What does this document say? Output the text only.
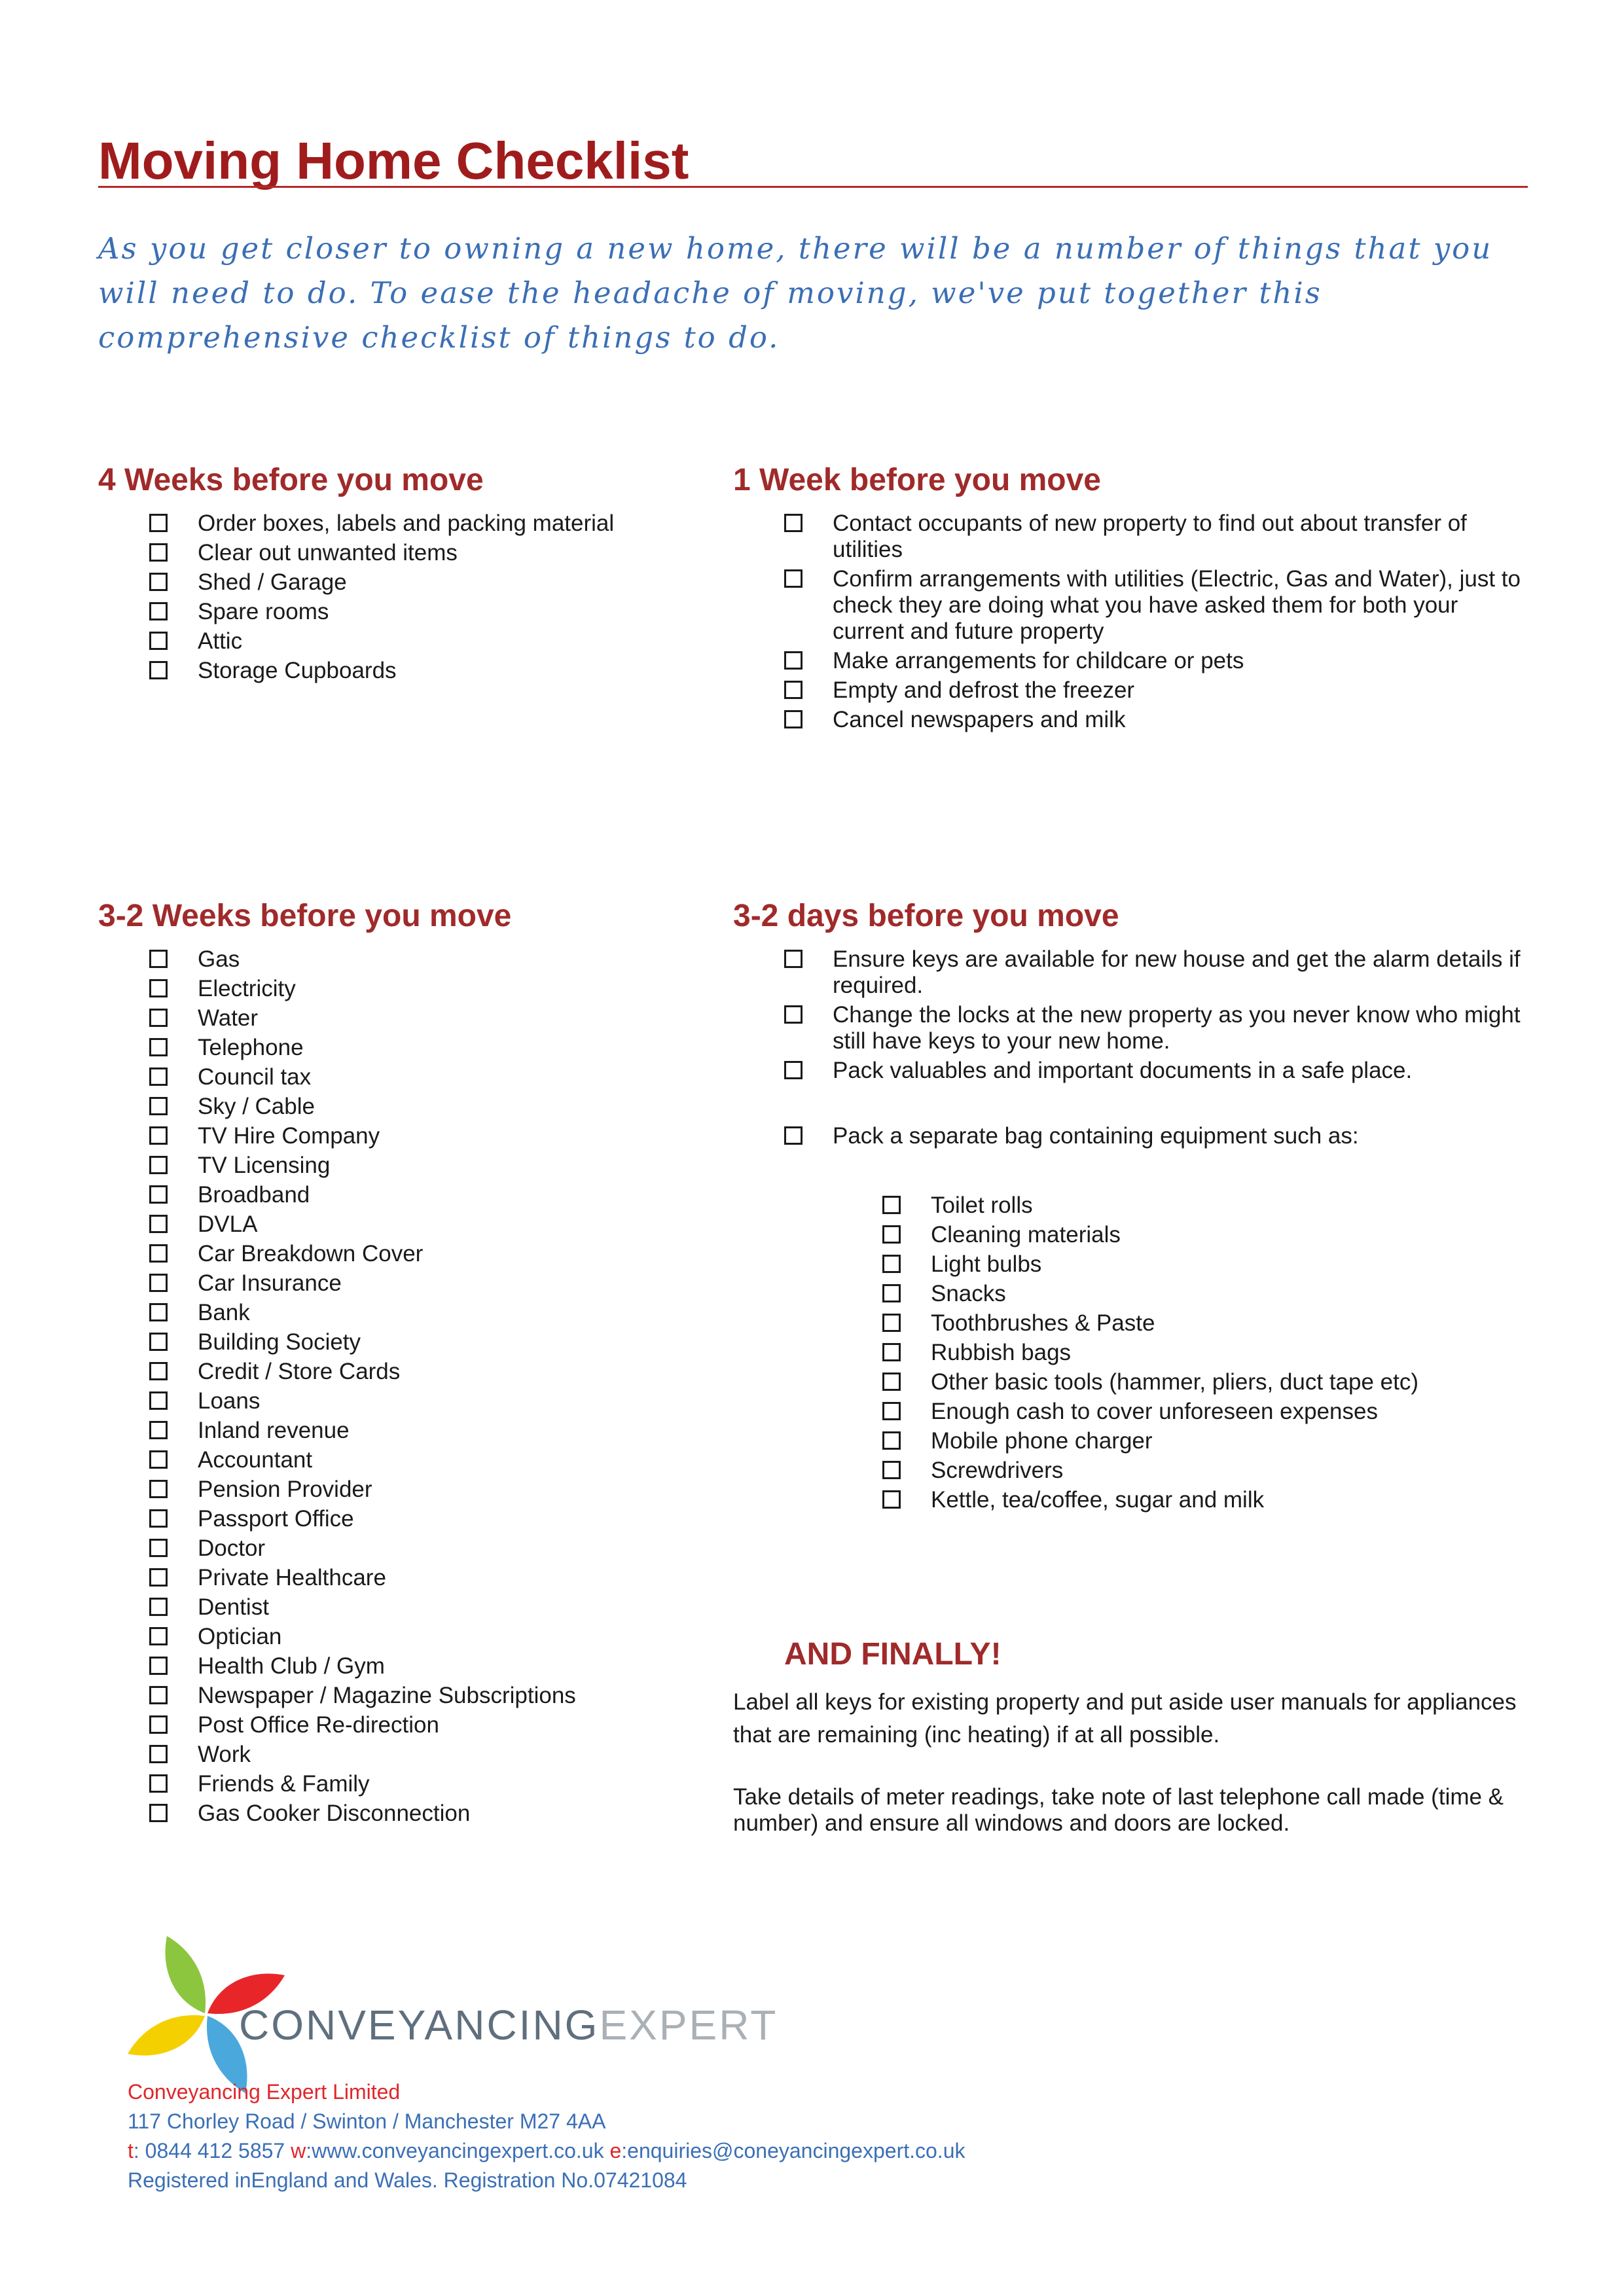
Moving Home Checklist
As you get closer to owning a new home, there will be a number of things that you will need to do. To ease the headache of moving, we've put together this comprehensive checklist of things to do.
4 Weeks before you move
Order boxes, labels and packing material
Clear out unwanted items
Shed / Garage
Spare rooms
Attic
Storage Cupboards
1 Week before you move
Contact occupants of new property to find out about transfer of utilities
Confirm arrangements with utilities (Electric, Gas and Water), just to check they are doing what you have asked them for both your current and future property
Make arrangements for childcare or pets
Empty and defrost the freezer
Cancel newspapers and milk
3-2 Weeks before you move
Gas
Electricity
Water
Telephone
Council tax
Sky / Cable
TV Hire Company
TV Licensing
Broadband
DVLA
Car Breakdown Cover
Car Insurance
Bank
Building Society
Credit / Store Cards
Loans
Inland revenue
Accountant
Pension Provider
Passport Office
Doctor
Private Healthcare
Dentist
Optician
Health Club / Gym
Newspaper / Magazine Subscriptions
Post Office Re-direction
Work
Friends & Family
Gas Cooker Disconnection
3-2 days before you move
Ensure keys are available for new house and get the alarm details if required.
Change the locks at the new property as you never know who might still have keys to your new home.
Pack valuables and important documents in a safe place.
Pack a separate bag containing equipment such as:
Toilet rolls
Cleaning materials
Light bulbs
Snacks
Toothbrushes & Paste
Rubbish bags
Other basic tools (hammer, pliers, duct tape etc)
Enough cash to cover unforeseen expenses
Mobile phone charger
Screwdrivers
Kettle, tea/coffee, sugar and milk
AND FINALLY!
Label all keys for existing property and put aside user manuals for appliances that are remaining (inc heating) if at all possible.
Take details of meter readings, take note of last telephone call made (time & number) and ensure all windows and doors are locked.
CONVEYANCINGEXPERT
Conveyancing Expert Limited
117 Chorley Road / Swinton / Manchester M27 4AA
t: 0844 412 5857 w:www.conveyancingexpert.co.uk e:enquiries@coneyancingexpert.co.uk
Registered inEngland and Wales. Registration No.07421084
